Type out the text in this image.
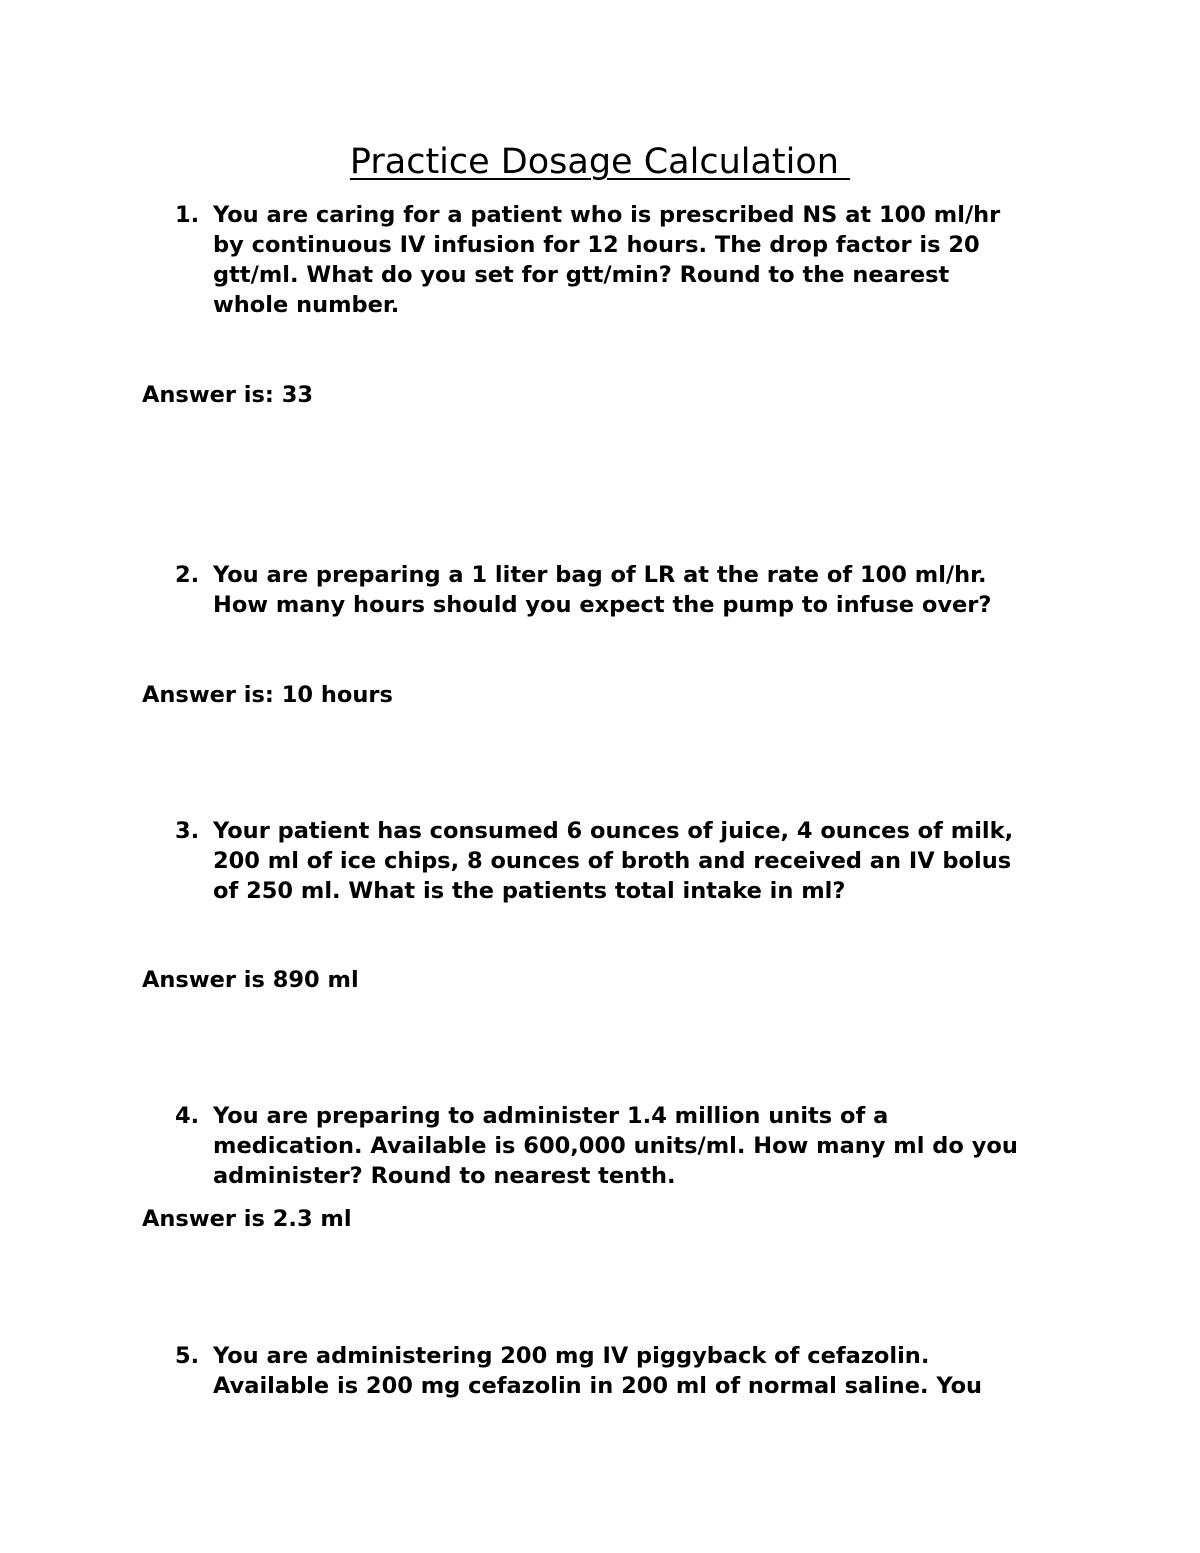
Practice Dosage Calculation
1. You are caring for a patient who is prescribed NS at 100 ml/hr
by continuous IV infusion for 12 hours. The drop factor is 20
gtt/ml. What do you set for gtt/min? Round to the nearest
whole number.
Answer is: 33
2. You are preparing a 1 liter bag of LR at the rate of 100 ml/hr.
How many hours should you expect the pump to infuse over?
Answer is: 10 hours
3. Your patient has consumed 6 ounces of juice, 4 ounces of milk,
200 ml of ice chips, 8 ounces of broth and received an IV bolus
of 250 ml. What is the patients total intake in ml?
Answer is 890 ml
4. You are preparing to administer 1.4 million units of a
medication. Available is 600,000 units/ml. How many ml do you
administer? Round to nearest tenth.
Answer is 2.3 ml
5. You are administering 200 mg IV piggyback of cefazolin.
Available is 200 mg cefazolin in 200 ml of normal saline. You
